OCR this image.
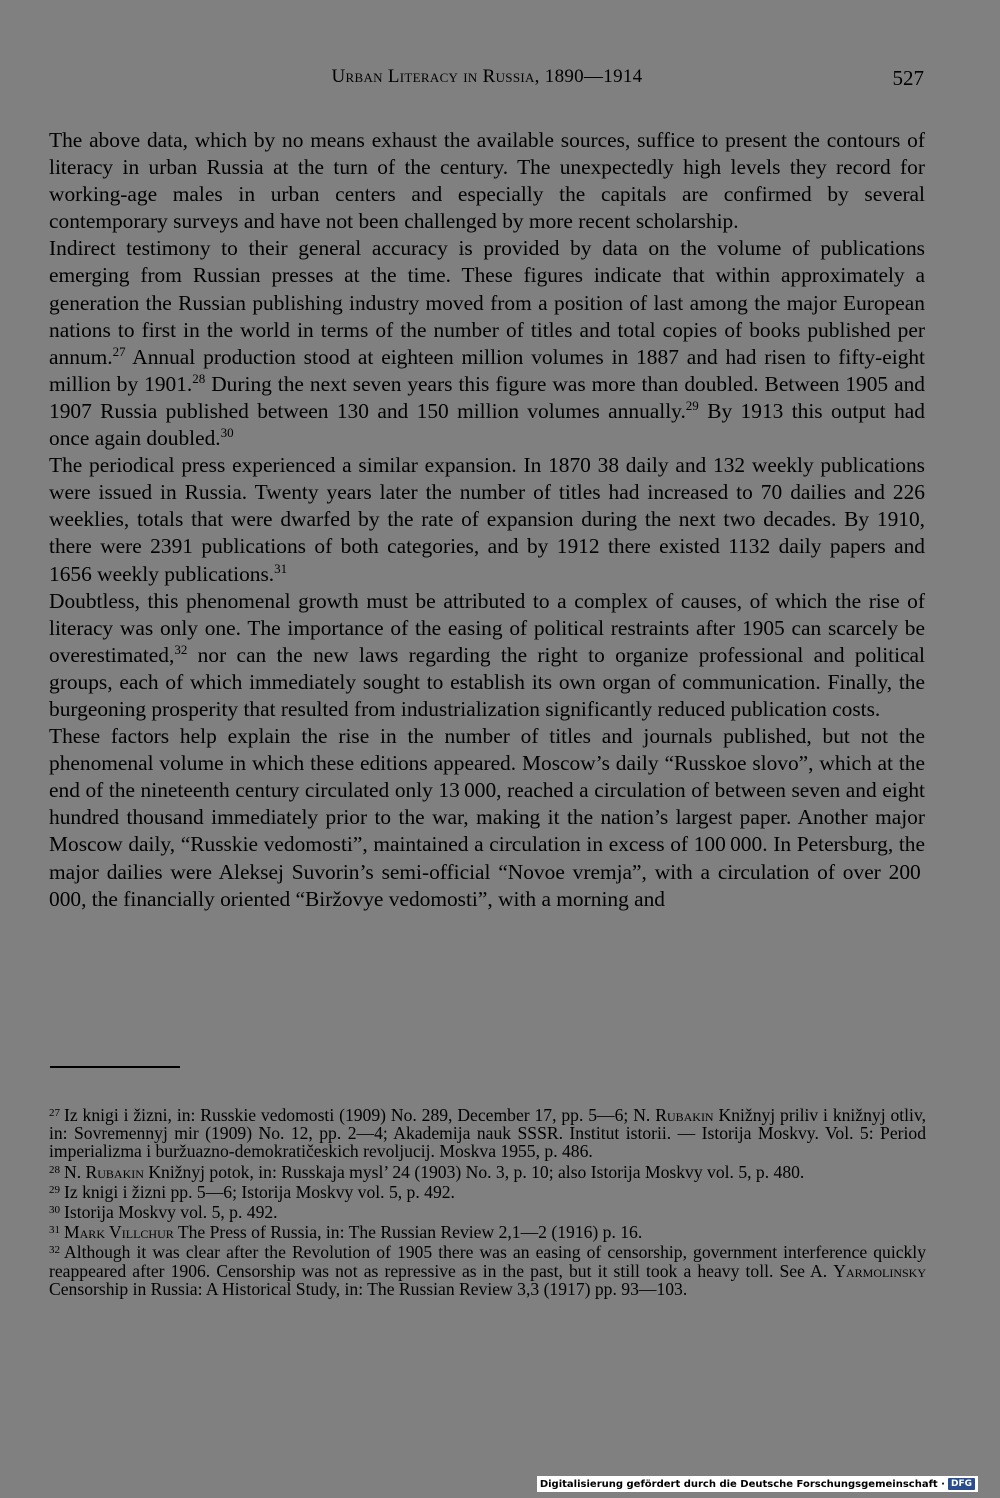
Urban Literacy in Russia, 1890—1914	527

The above data, which by no means exhaust the available sources, suffice to present the contours of literacy in urban Russia at the turn of the century. The unexpectedly high levels they record for working-age males in urban centers and especially the capitals are confirmed by several contemporary surveys and have not been challenged by more recent scholarship.

Indirect testimony to their general accuracy is provided by data on the volume of publications emerging from Russian presses at the time. These figures indicate that within approximately a generation the Russian publishing industry moved from a position of last among the major European nations to first in the world in terms of the number of titles and total copies of books published per annum.$^{27}$ Annual production stood at eighteen million volumes in 1887 and had risen to fifty-eight million by 1901.28 During the next seven years this figure was more than doubled. Between 1905 and 1907 Russia published between 130 and 150 million volumes annually.$^{29}$ By 1913 this output had once again doubled.$^{30}$

The periodical press experienced a similar expansion. In 1870 38 daily and 132 weekly publications were issued in Russia. Twenty years later the number of titles had increased to 70 dailies and 226 weeklies, totals that were dwarfed by the rate of expansion during the next two decades. By 1910, there were 2391 publications of both categories, and by 1912 there existed 1132 daily papers and 1656 weekly publications.$^{31}$

Doubtless, this phenomenal growth must be attributed to a complex of causes, of which the rise of literacy was only one. The importance of the easing of political restraints after 1905 can scarcely be overestimated,$^{32}$ nor can the new laws regarding the right to organize professional and political groups, each of which immediately sought to establish its own organ of communication. Finally, the burgeoning prosperity that resulted from industrialization significantly reduced publication costs.

These factors help explain the rise in the number of titles and journals published, but not the phenomenal volume in which these editions appeared. Moscow’s daily “Russkoe slovo”, which at the end of the nineteenth century circulated only 13 000, reached a circulation of between seven and eight hundred thousand immediately prior to the war, making it the nation’s largest paper. Another major Moscow daily, “Russkie vedomosti”, maintained a circulation in excess of 100 000. In Petersburg, the major dailies were Aleksej Suvorin’s semi-official “Novoe vremja”, with a circulation of over 200 000, the financially oriented “Biržovye vedomosti”, with a morning and

$^{27}$ Iz knigi i žizni, in: Russkie vedomosti (1909) No. 289, December 17, pp. 5—6; N. Rubakin Knižnyj priliv i knižnyj otliv, in: Sovremennyj mir (1909) No. 12, pp. 2—4; Akademija nauk SSSR. Institut istorii. — Istorija Moskvy. Vol. 5: Period imperializma i buržuazno-demokratičeskich revoljucij. Moskva 1955, p. 486.

$^{28}$ N. Rubakin Knižnyj potok, in: Russkaja mysl’ 24 (1903) No. 3, p. 10; also Istorija Moskvy vol. 5, p. 480.

$^{29}$ Iz knigi i žizni pp. 5—6; Istorija Moskvy vol. 5, p. 492.

$^{30}$ Istorija Moskvy vol. 5, p. 492.

$^{31}$ Mark Villchur The Press of Russia, in: The Russian Review 2,1—2 (1916) p. 16.

$^{32}$ Although it was clear after the Revolution of 1905 there was an easing of censorship, government interference quickly reappeared after 1906. Censorship was not as repressive as in the past, but it still took a heavy toll. See A. Yarmolinsky Censorship in Russia: A Historical Study, in: The Russian Review 3,3 (1917) pp. 93—103.

Digitalisierung gefördert durch die Deutsche Forschungsgemeinschaft · DFG
